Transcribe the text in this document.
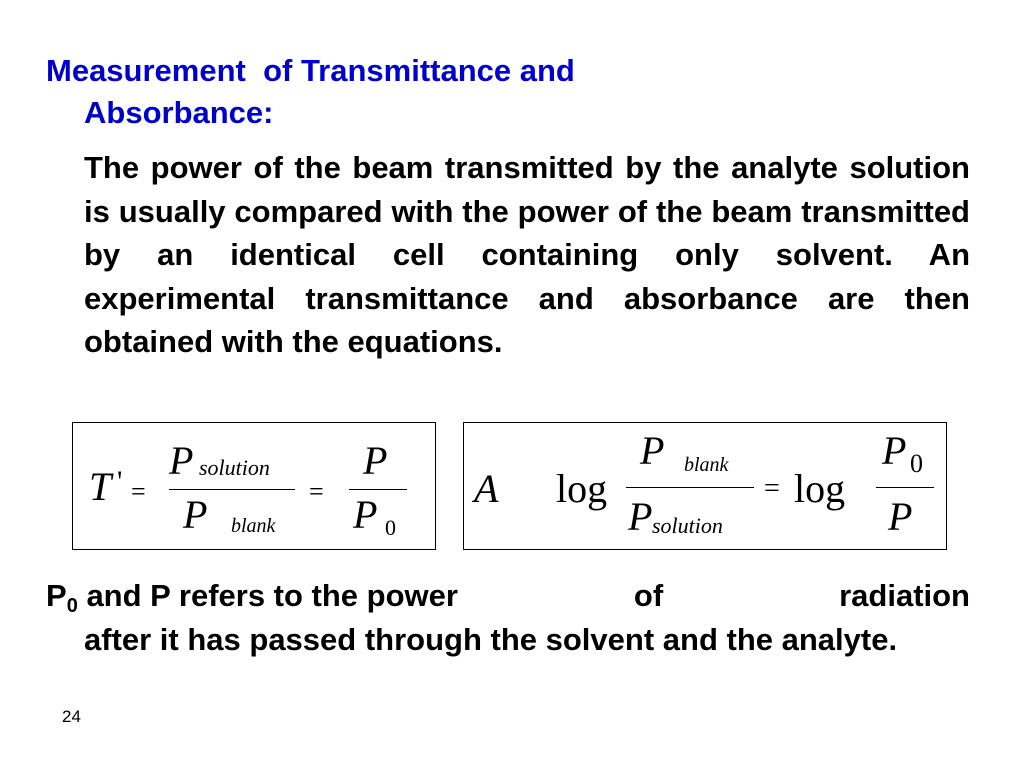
Measurement  of Transmittance and
Absorbance:
The power of the beam transmitted by the analyte solution is usually compared with the power of the beam transmitted by an identical cell containing only solvent. An experimental transmittance and absorbance are then obtained with the equations.
T ' =
P solution
P blank
=
P
P 0
A log
P blank
P solution
= log
P 0
P
$P_0$ and P refers to the power	of	radiation
after it has passed through the solvent and the analyte.
24
